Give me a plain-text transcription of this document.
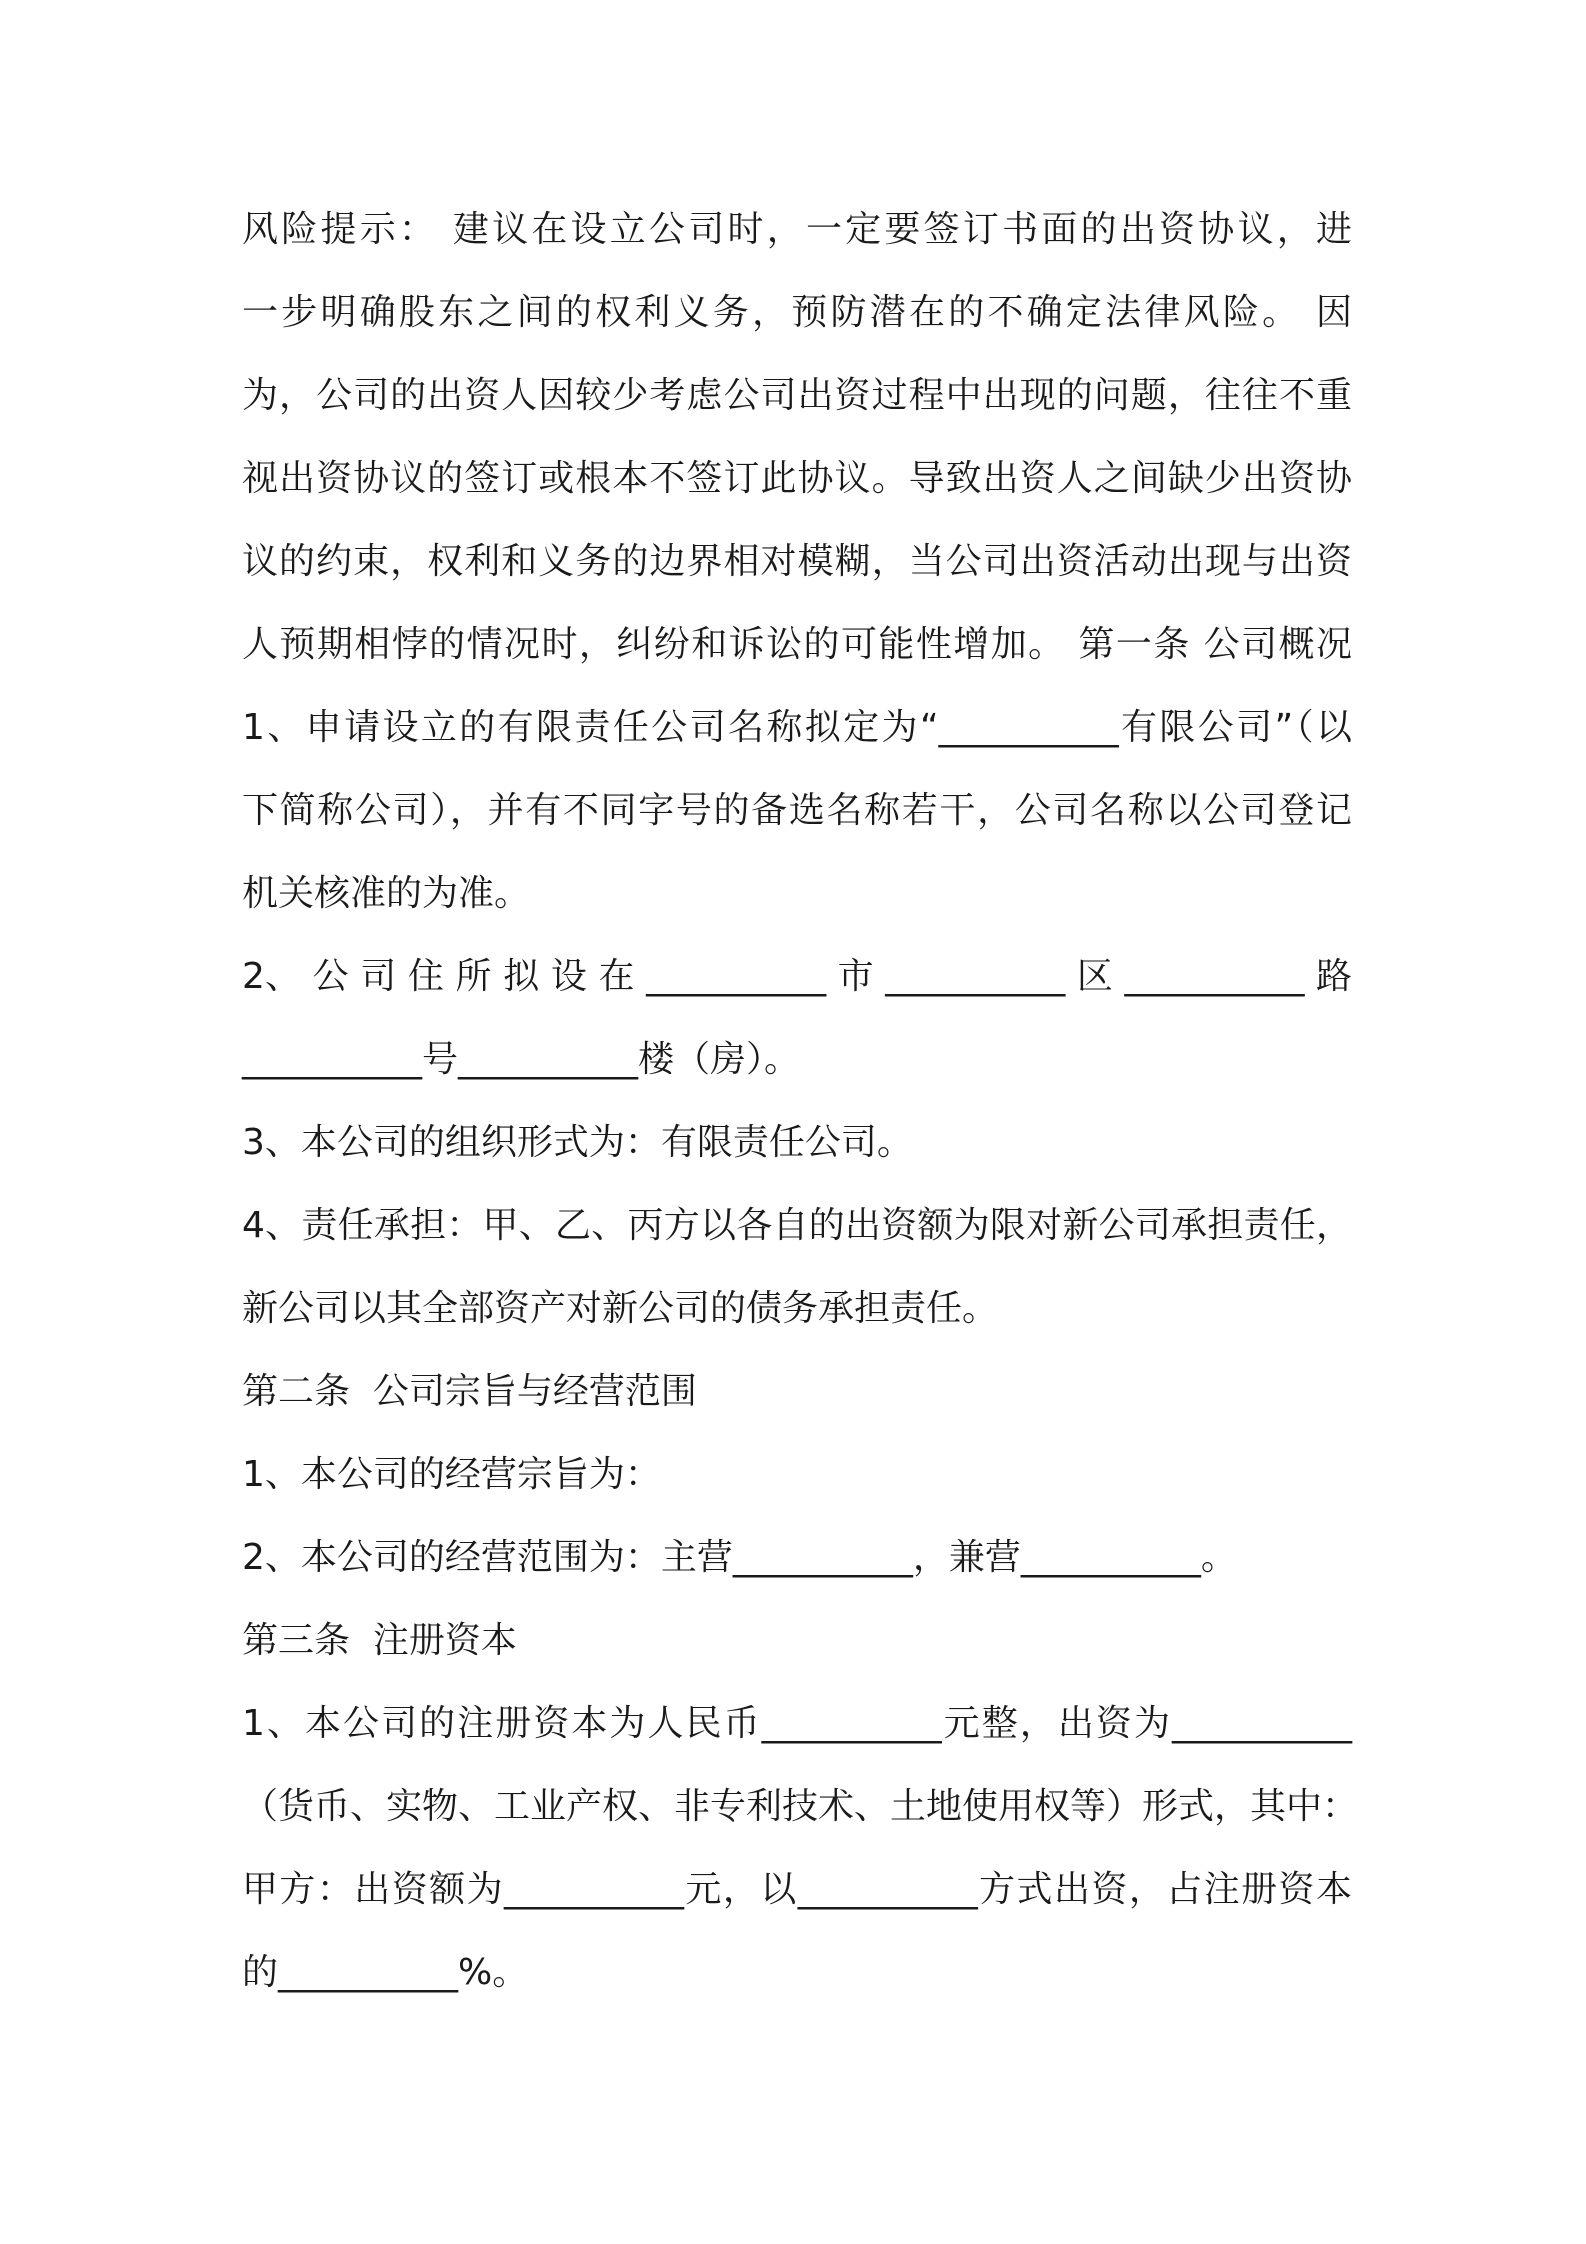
风险提示： 建议在设立公司时，一定要签订书面的出资协议，进
一步明确股东之间的权利义务，预防潜在的不确定法律风险。 因
为，公司的出资人因较少考虑公司出资过程中出现的问题，往往不重
视出资协议的签订或根本不签订此协议。导致出资人之间缺少出资协
议的约束，权利和义务的边界相对模糊，当公司出资活动出现与出资
人预期相悖的情况时，纠纷和诉讼的可能性增加。 第一条 公司概况
1、申请设立的有限责任公司名称拟定为“__________有限公司”（以
下简称公司），并有不同字号的备选名称若干，公司名称以公司登记
机关核准的为准。
2、 公 司 住 所 拟 设 在 __________ 市 __________ 区 __________ 路
__________号__________楼（房）。
3、本公司的组织形式为：有限责任公司。
4、责任承担：甲、乙、丙方以各自的出资额为限对新公司承担责任，
新公司以其全部资产对新公司的债务承担责任。
第二条  公司宗旨与经营范围
1、本公司的经营宗旨为：
2、本公司的经营范围为：主营__________，兼营__________。
第三条  注册资本
1、本公司的注册资本为人民币__________元整，出资为__________
（货币、实物、工业产权、非专利技术、土地使用权等）形式，其中：
甲方：出资额为__________元，以__________方式出资，占注册资本
的__________%。
